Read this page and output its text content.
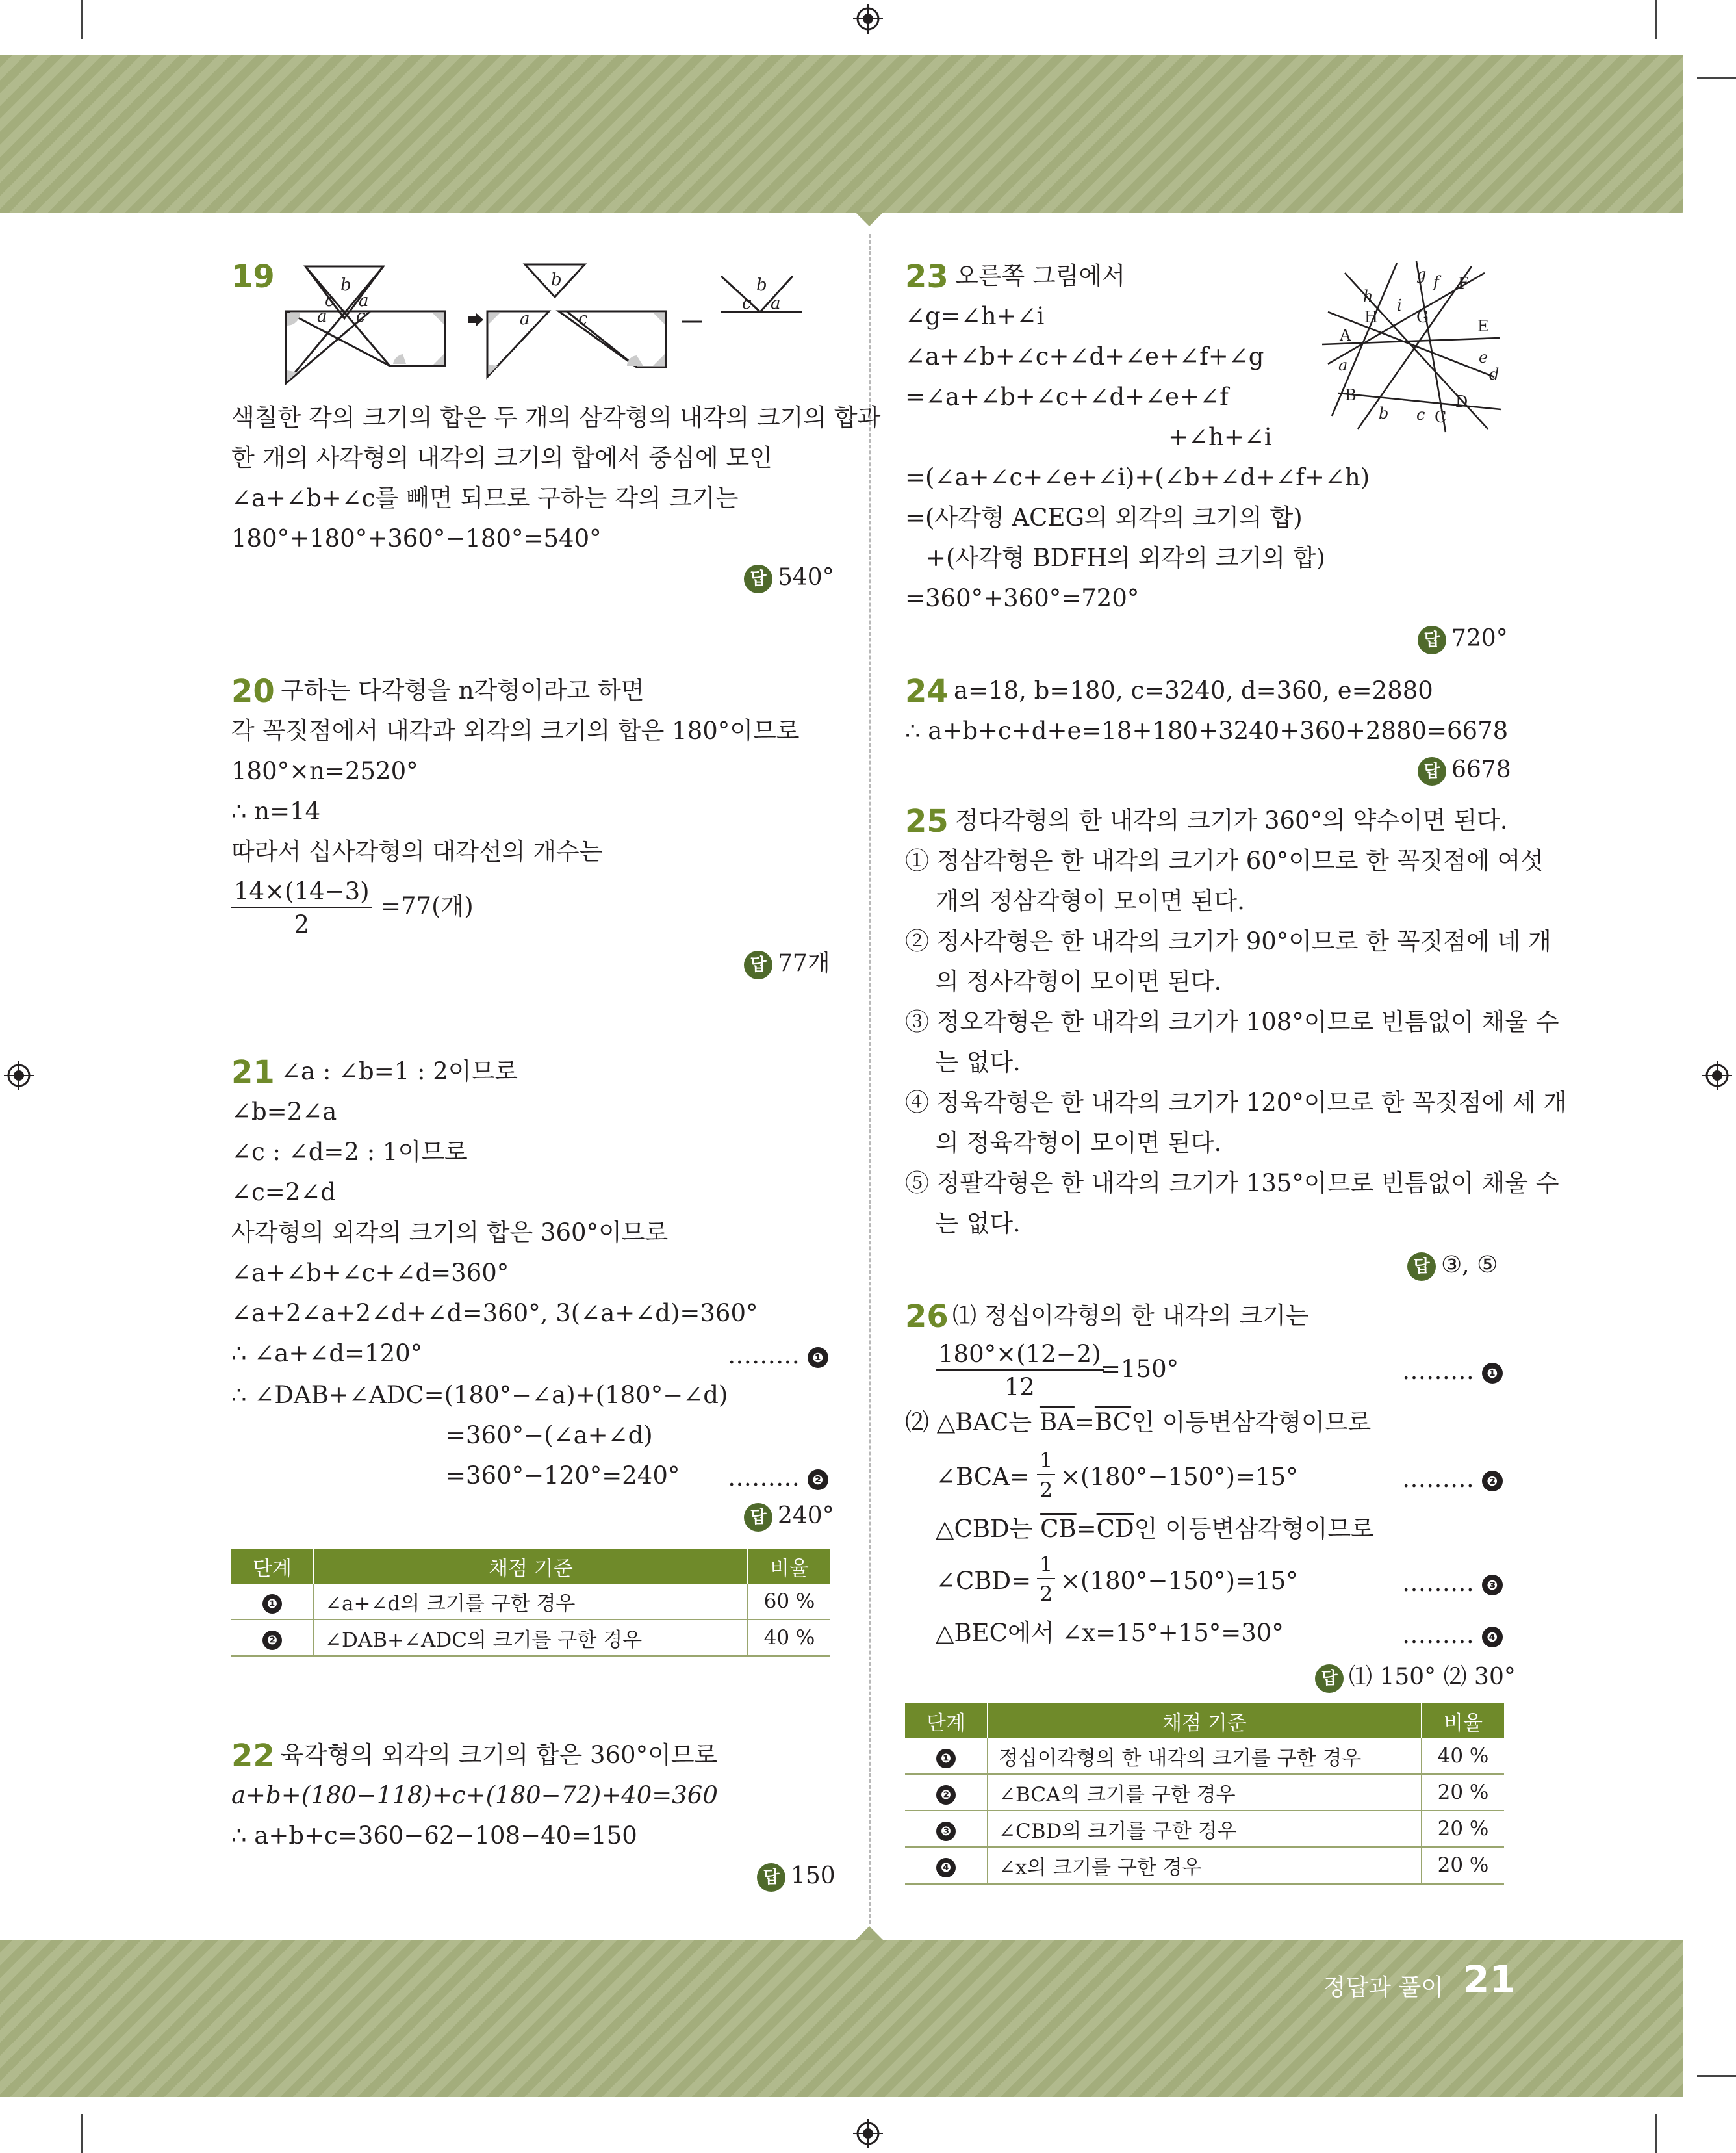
정답과 풀이 21
19	b
c a
a c
b
a	c
b
c a
색칠한 각의 크기의 합은 두 개의 삼각형의 내각의 크기의 합과
한 개의 사각형의 내각의 크기의 합에서 중심에 모인
∠a+∠b+∠c를 빼면 되므로 구하는 각의 크기는
180°+180°+360°−180°=540°
답 540°
20 구하는 다각형을 n각형이라고 하면
각 꼭짓점에서 내각과 외각의 크기의 합은 180°이므로
180°×n=2520°
∴ n=14
따라서 십사각형의 대각선의 개수는
$\frac{14\times(14-3)}{2} =77$(개)
답 77개
21 ∠a : ∠b=1 : 2이므로
∠b=2∠a
∠c : ∠d=2 : 1이므로
∠c=2∠d
사각형의 외각의 크기의 합은 360°이므로
∠a+∠b+∠c+∠d=360°
∠a+2∠a+2∠d+∠d=360°, 3(∠a+∠d)=360°
∴ ∠a+∠d=120°	……… ❶
∴ ∠DAB+∠ADC=(180°−∠a)+(180°−∠d)
=360°−(∠a+∠d)
=360°−120°=240° ……… ❷
답 240°
단계	채점 기준	비율
❶	∠a+∠d의 크기를 구한 경우	60 %
❷	∠DAB+∠ADC의 크기를 구한 경우	40 %
22 육각형의 외각의 크기의 합은 360°이므로
a+b+(180−118)+c+(180−72)+40=360
∴ a+b+c=360−62−108−40=150
답 150
23 오른쪽 그림에서
∠g=∠h+∠i
∠a+∠b+∠c+∠d+∠e+∠f+∠g
=∠a+∠b+∠c+∠d+∠e+∠f
+∠h+∠i
=(∠a+∠c+∠e+∠i)+(∠b+∠d+∠f+∠h)
=(사각형 ACEG의 외각의 크기의 합)
+(사각형 BDFH의 외각의 크기의 합)
=360°+360°=720°
A
B
C
D
E
F
G
H
a
b c
d
e
f
g
h i
답 720°
24 a=18, b=180, c=3240, d=360, e=2880
∴ a+b+c+d+e=18+180+3240+360+2880=6678
답 6678
25 정다각형의 한 내각의 크기가 360°의 약수이면 된다.
① 정삼각형은 한 내각의 크기가 60°이므로 한 꼭짓점에 여섯
개의 정삼각형이 모이면 된다.
② 정사각형은 한 내각의 크기가 90°이므로 한 꼭짓점에 네 개
의 정사각형이 모이면 된다.
③ 정오각형은 한 내각의 크기가 108°이므로 빈틈없이 채울 수
는 없다.
④ 정육각형은 한 내각의 크기가 120°이므로 한 꼭짓점에 세 개
의 정육각형이 모이면 된다.
⑤ 정팔각형은 한 내각의 크기가 135°이므로 빈틈없이 채울 수
는 없다.
답 ③, ⑤
26 ⑴ 정십이각형의 한 내각의 크기는
$\frac{180^\circ\times(12-2)}{12}$
=150°	……… ❶
⑵ △BAC는 $\overline{BA}=\overline{BC}$인 이등변삼각형이므로
∠BCA= $\frac{1}{2} \times(180^\circ-150^\circ)=15^\circ$	……… ❷
△CBD는 $\overline{CB}=\overline{CD}$인 이등변삼각형이므로
∠CBD= $\frac{1}{2} \times(180^\circ-150^\circ)=15^\circ$	……… ❸
△BEC에서 ∠x=15°+15°=30°	……… ❹
답 ⑴ 150° ⑵ 30°
단계	채점 기준	비율
❶	정십이각형의 한 내각의 크기를 구한 경우	40 %
❷	∠BCA의 크기를 구한 경우	20 %
❸	∠CBD의 크기를 구한 경우	20 %
❹	∠x의 크기를 구한 경우	20 %
